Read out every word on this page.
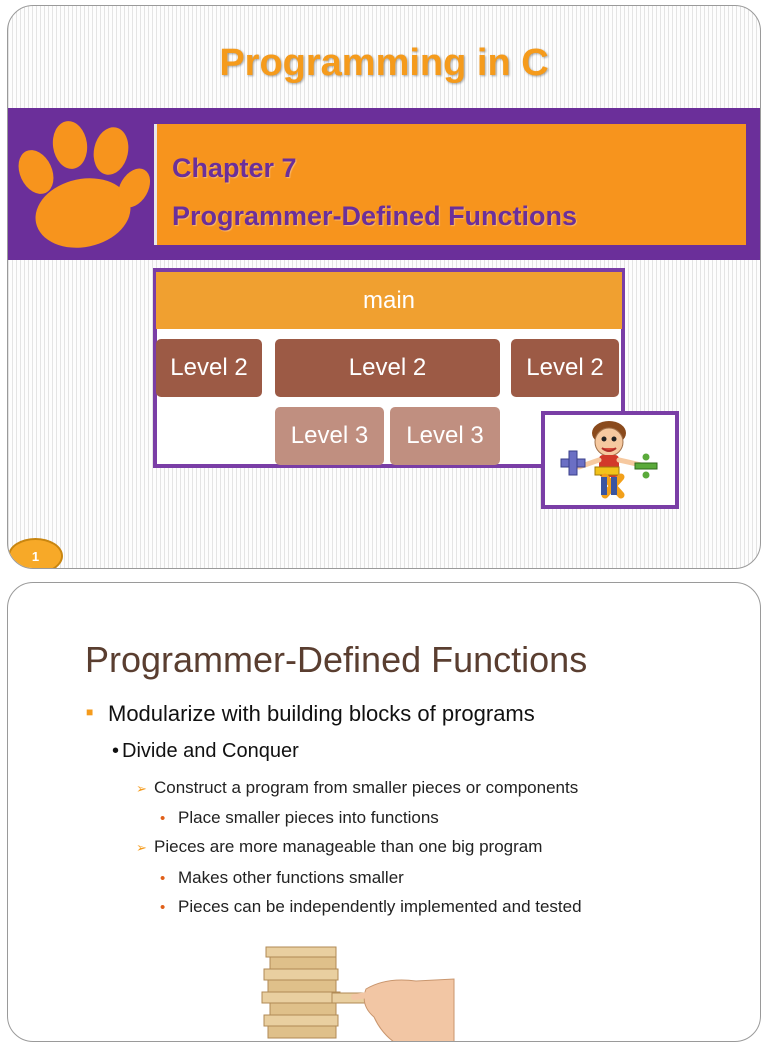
Programming in C
Chapter 7
Programmer-Defined Functions
main
Level 2	Level 2	Level 2
Level 3	Level 3
1
Programmer-Defined Functions
■ Modularize with building blocks of programs
• Divide and Conquer
➢ Construct a program from smaller pieces or components
• Place smaller pieces into functions
➢ Pieces are more manageable than one big program
• Makes other functions smaller
• Pieces can be independently implemented and tested
